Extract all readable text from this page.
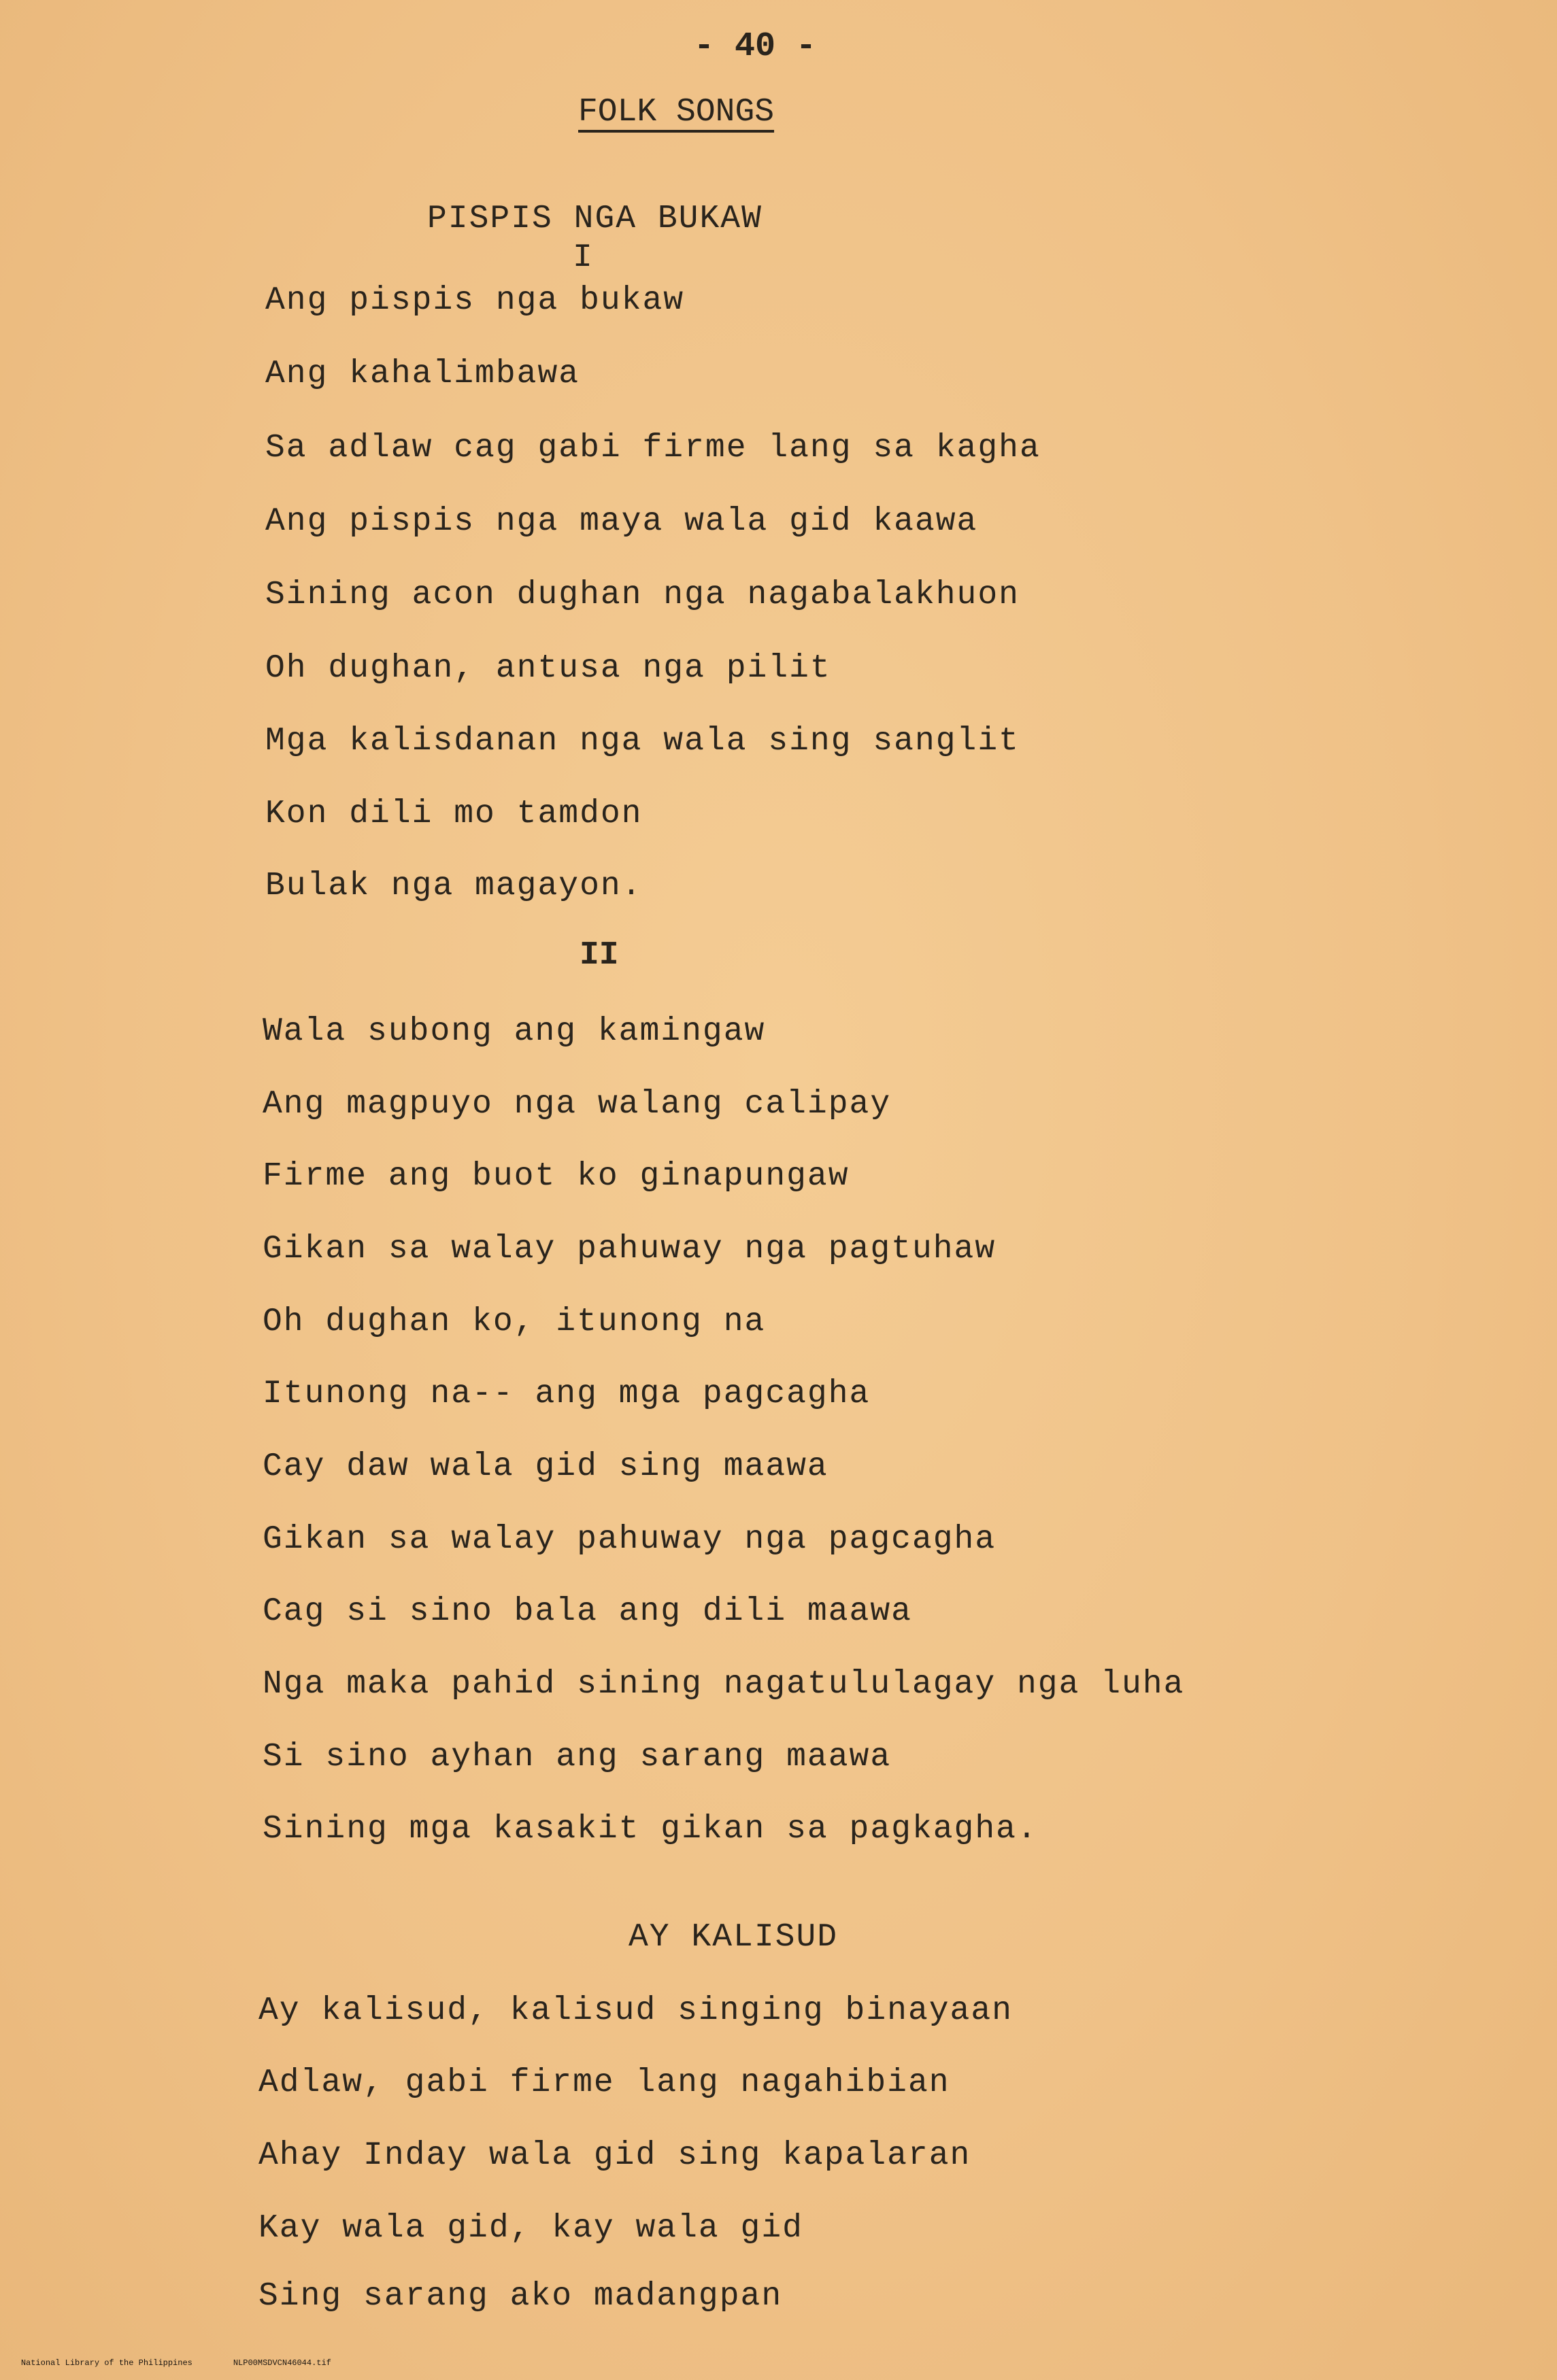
- 40 -
FOLK SONGS
PISPIS NGA BUKAW
I
Ang pispis nga bukaw
Ang kahalimbawa
Sa adlaw cag gabi firme lang sa kagha
Ang pispis nga maya wala gid kaawa
Sining acon dughan nga nagabalakhuon
Oh dughan, antusa nga pilit
Mga kalisdanan nga wala sing sanglit
Kon dili mo tamdon
Bulak nga magayon.
II
Wala subong ang kamingaw
Ang magpuyo nga walang calipay
Firme ang buot ko ginapungaw
Gikan sa walay pahuway nga pagtuhaw
Oh dughan ko, itunong na
Itunong na-- ang mga pagcagha
Cay daw wala gid sing maawa
Gikan sa walay pahuway nga pagcagha
Cag si sino bala ang dili maawa
Nga maka pahid sining nagatululagay nga luha
Si sino ayhan ang sarang maawa
Sining mga kasakit gikan sa pagkagha.
AY KALISUD
Ay kalisud, kalisud singing binayaan
Adlaw, gabi firme lang nagahibian
Ahay Inday wala gid sing kapalaran
Kay wala gid, kay wala gid
Sing sarang ako madangpan

National Library of the Philippines	NLP00MSDVCN46044.tif
